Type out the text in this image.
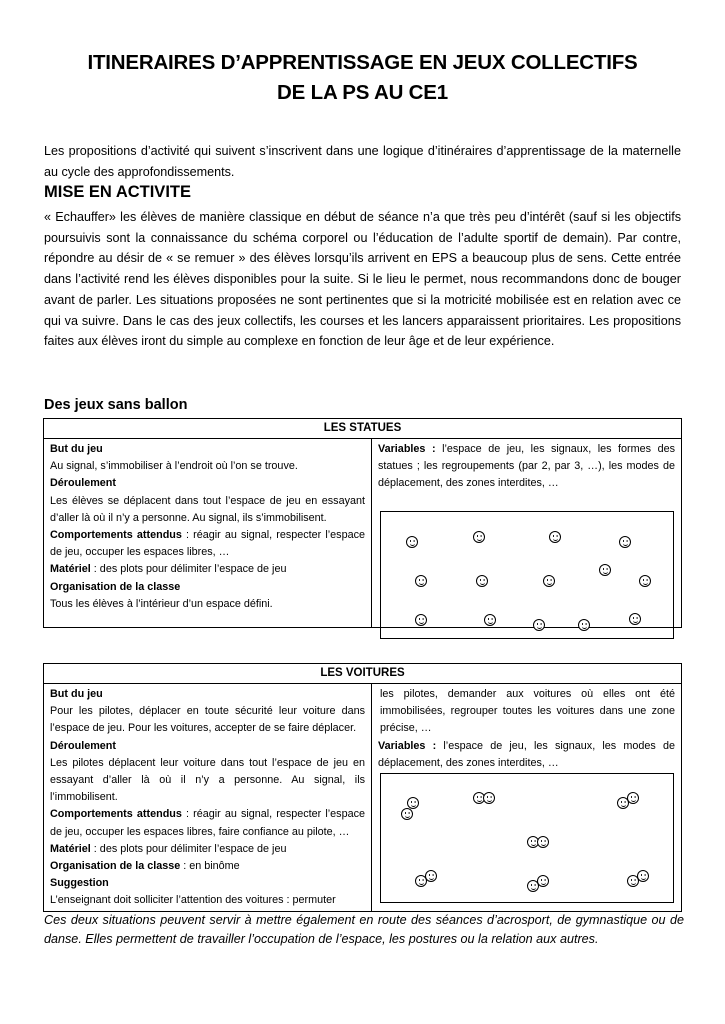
ITINERAIRES D’APPRENTISSAGE EN JEUX COLLECTIFS
DE LA PS AU CE1
Les propositions d’activité qui suivent s’inscrivent dans une logique d’itinéraires d’apprentissage de la maternelle au cycle des approfondissements.
MISE EN ACTIVITE
« Echauffer» les élèves de manière classique en début de séance n’a que très peu d’intérêt (sauf si les objectifs poursuivis sont la connaissance du schéma corporel ou l’éducation de l’adulte sportif de demain). Par contre, répondre au désir de « se remuer » des élèves lorsqu’ils arrivent en EPS a beaucoup plus de sens. Cette entrée dans l’activité rend les élèves disponibles pour la suite. Si le lieu le permet, nous recommandons donc de bouger avant de parler. Les situations proposées ne sont pertinentes que si la motricité mobilisée est en relation avec ce qui va suivre. Dans le cas des jeux collectifs, les courses et les lancers apparaissent prioritaires. Les propositions faites aux élèves iront du simple au complexe en fonction de leur âge et de leur expérience.
Des jeux sans ballon
LES STATUES
But du jeu
Au signal, s’immobiliser à l’endroit où l’on se trouve.
Déroulement
Les élèves se déplacent dans tout l’espace de jeu en essayant d’aller là où il n’y a personne. Au signal, ils s’immobilisent.
Comportements attendus : réagir au signal, respecter l’espace de jeu, occuper les espaces libres, …
Matériel : des plots pour délimiter l’espace de jeu
Organisation de la classe
Tous les élèves à l’intérieur d’un espace défini.
Variables : l’espace de jeu, les signaux, les formes des statues ; les regroupements (par 2, par 3, …), les modes de déplacement, des zones interdites, …
LES VOITURES
But du jeu
Pour les pilotes, déplacer en toute sécurité leur voiture dans l’espace de jeu. Pour les voitures, accepter de se faire déplacer.
Déroulement
Les pilotes déplacent leur voiture dans tout l’espace de jeu en essayant d’aller là où il n’y a personne. Au signal, ils l’immobilisent.
Comportements attendus : réagir au signal, respecter l’espace de jeu, occuper les espaces libres, faire confiance au pilote, …
Matériel : des plots pour délimiter l’espace de jeu
Organisation de la classe : en binôme
Suggestion
L’enseignant doit solliciter l’attention des voitures : permuter
les pilotes, demander aux voitures où elles ont été immobilisées, regrouper toutes les voitures dans une zone précise, …
Variables : l’espace de jeu, les signaux, les modes de déplacement, des zones interdites, …
Ces deux situations peuvent servir à mettre également en route des séances d’acrosport, de gymnastique ou de danse. Elles permettent de travailler l’occupation de l’espace, les postures ou la relation aux autres.
